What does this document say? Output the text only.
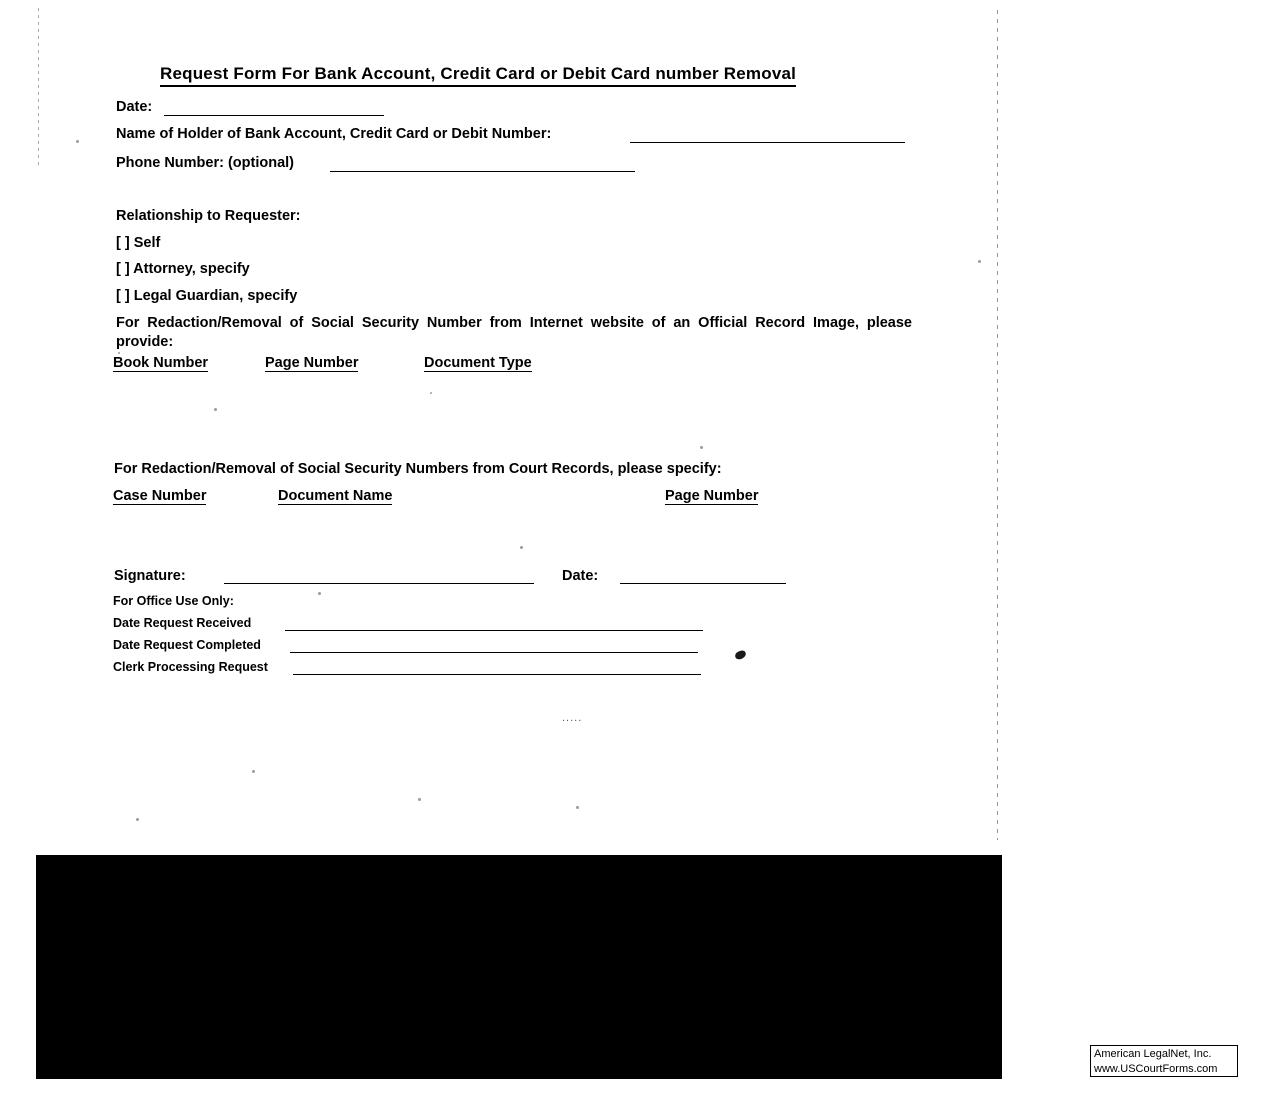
Request Form For Bank Account, Credit Card or Debit Card number Removal
Date:
Name of Holder of Bank Account, Credit Card or Debit Number:
Phone Number: (optional)
Relationship to Requester:
[ ] Self
[ ] Attorney, specify
[ ] Legal Guardian, specify
For Redaction/Removal of Social Security Number from Internet website of an Official Record Image, please provide:
Book Number	Page Number	Document Type
For Redaction/Removal of Social Security Numbers from Court Records, please specify:
Case Number	Document Name	Page Number
Signature:	Date:
For Office Use Only:
Date Request Received
Date Request Completed
Clerk Processing Request
.....
American LegalNet, Inc.
www.USCourtForms.com
